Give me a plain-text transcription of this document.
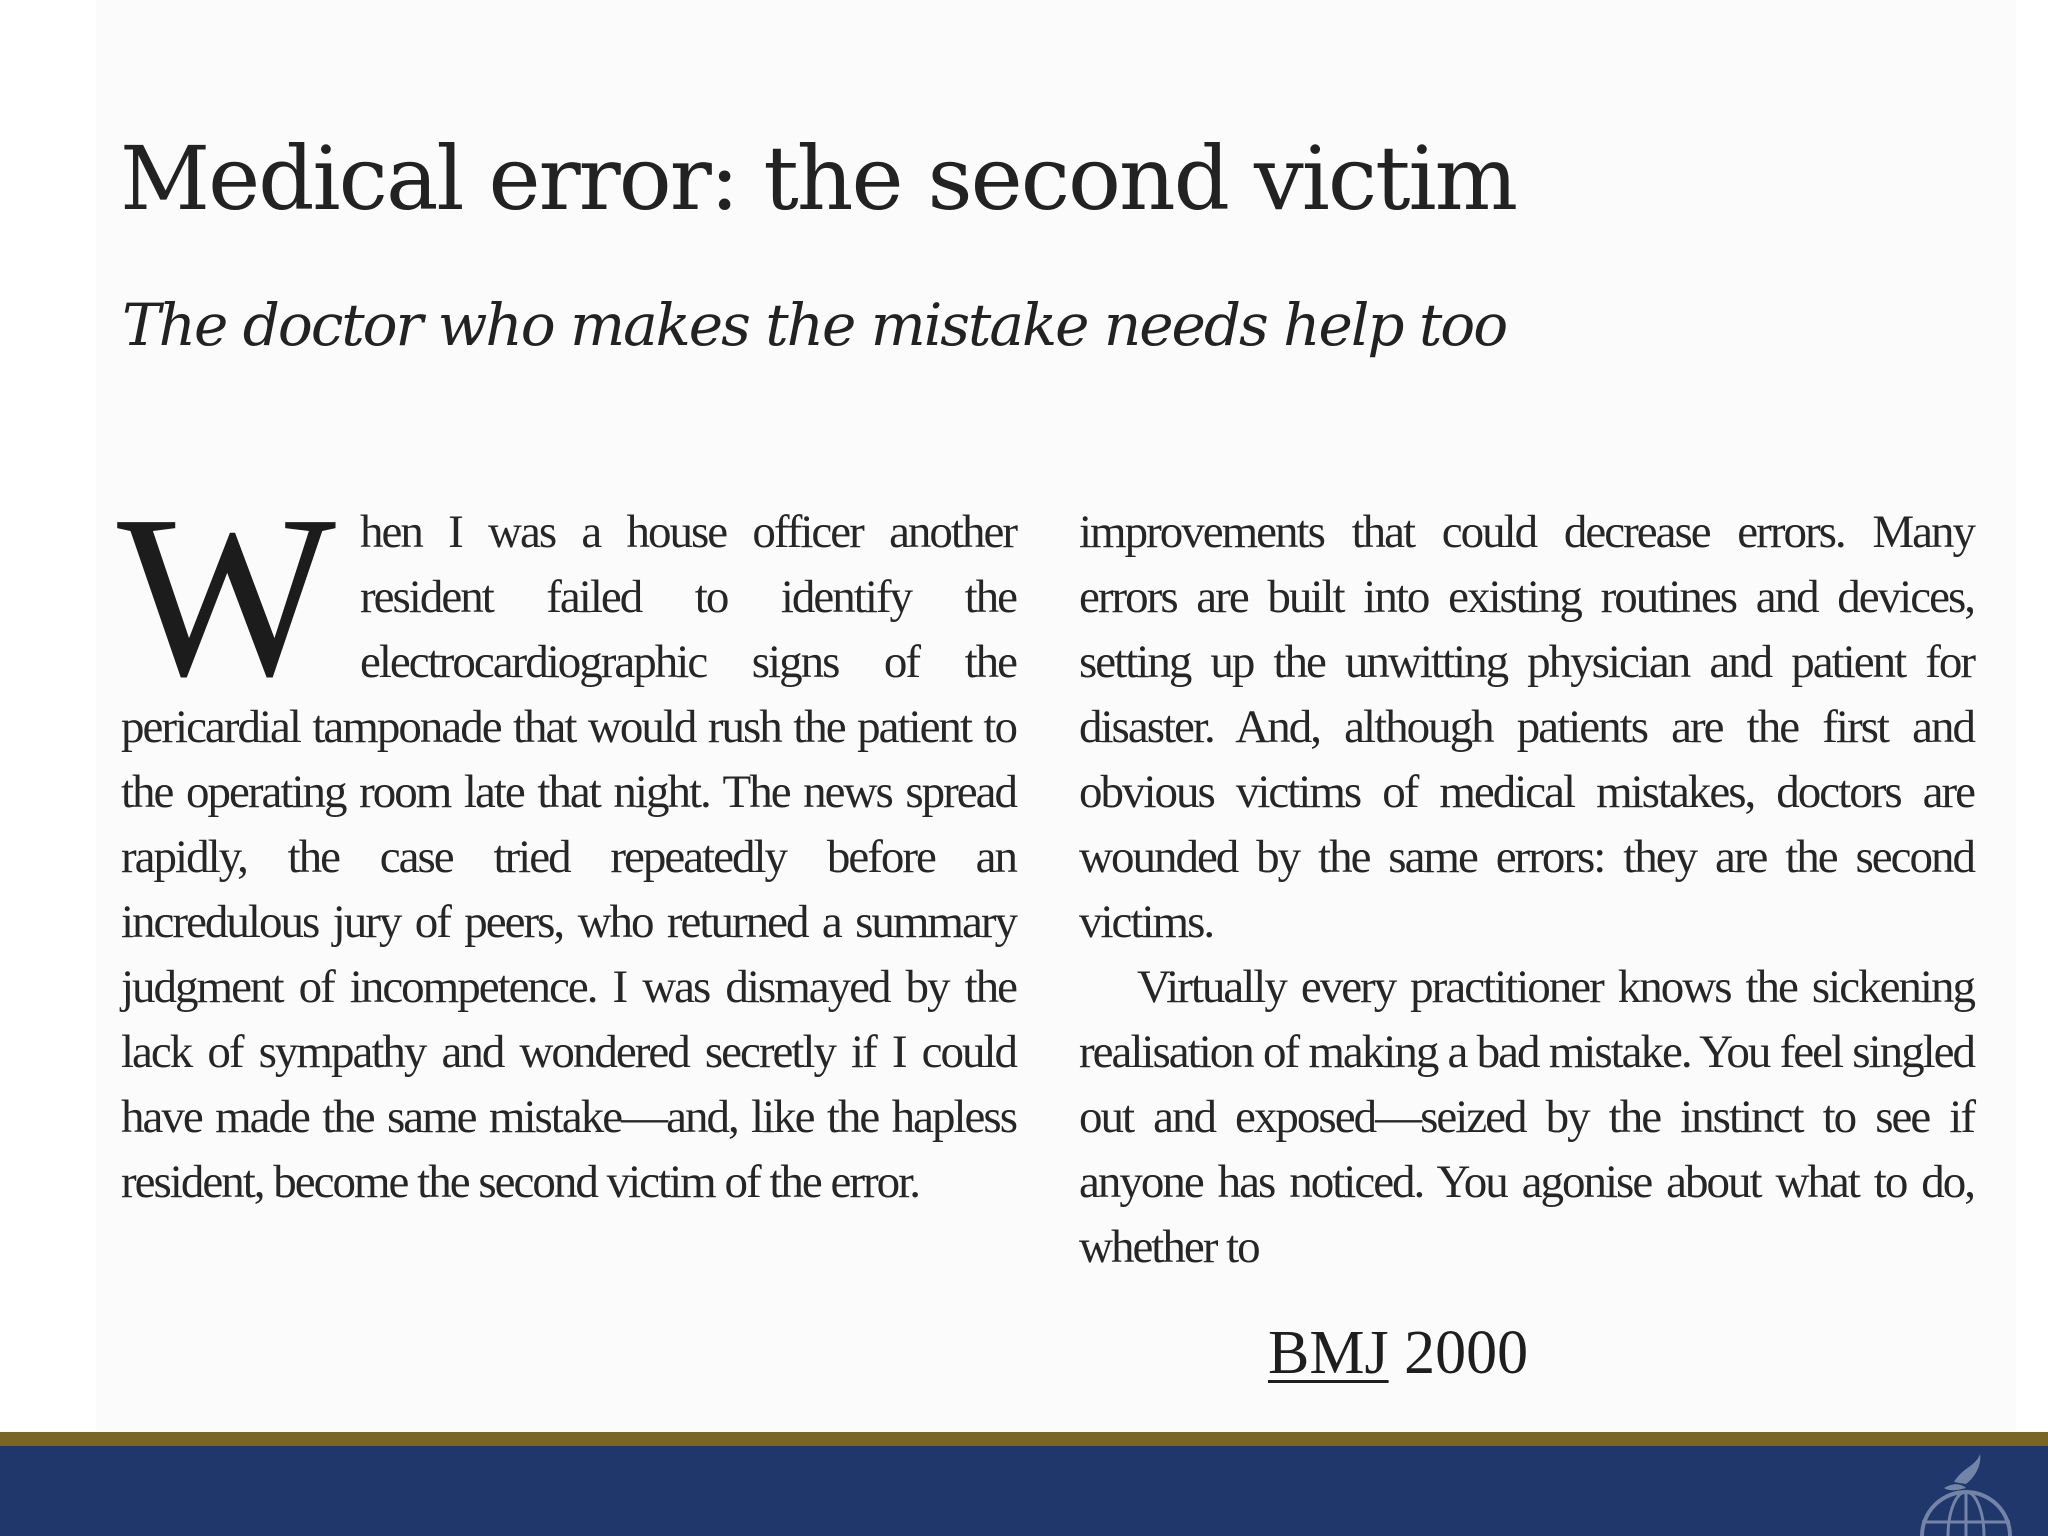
Medical error: the second victim
The doctor who makes the mistake needs help too
W hen I was a house officer another resident failed to identify the electrocardiographic signs of the pericardial tamponade that would rush the patient to the operating room late that night. The news spread rapidly, the case tried repeatedly before an incredulous jury of peers, who returned a summary judgment of incompetence. I was dismayed by the lack of sympathy and wondered secretly if I could have made the same mistake—and, like the hapless resident, become the second victim of the error.

improvements that could decrease errors. Many errors are built into existing routines and devices, setting up the unwitting physician and patient for disaster. And, although patients are the first and obvious victims of medical mistakes, doctors are wounded by the same errors: they are the second victims.

Virtually every practitioner knows the sickening realisation of making a bad mistake. You feel singled out and exposed—seized by the instinct to see if anyone has noticed. You agonise about what to do, whether to

BMJ 2000
